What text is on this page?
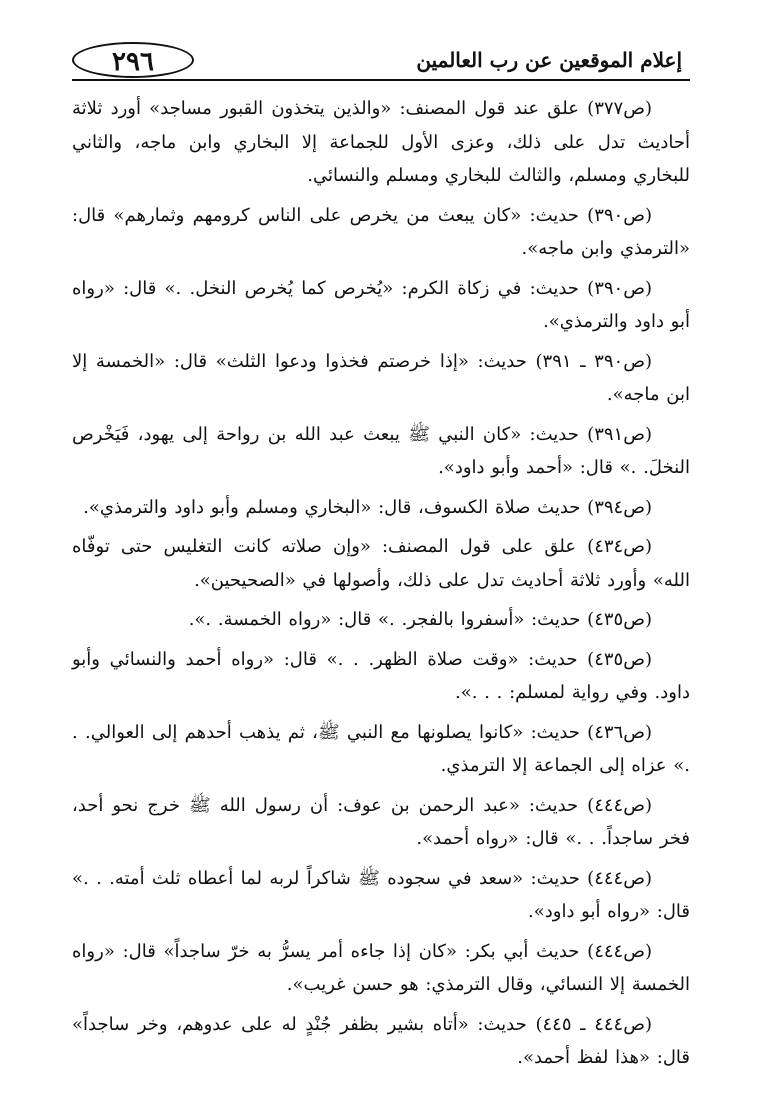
إعلام الموقعين عن رب العالمين
٢٩٦

(ص٣٧٧) علق عند قول المصنف: «والذين يتخذون القبور مساجد» أورد ثلاثة أحاديث تدل على ذلك، وعزى الأول للجماعة إلا البخاري وابن ماجه، والثاني للبخاري ومسلم، والثالث للبخاري ومسلم والنسائي.

(ص٣٩٠) حديث: «كان يبعث من يخرص على الناس كرومهم وثمارهم» قال: «الترمذي وابن ماجه».

(ص٣٩٠) حديث: في زكاة الكرم: «يُخرص كما يُخرص النخل. .» قال: «رواه أبو داود والترمذي».

(ص٣٩٠ ـ ٣٩١) حديث: «إذا خرصتم فخذوا ودعوا الثلث» قال: «الخمسة إلا ابن ماجه».

(ص٣٩١) حديث: «كان النبي ﷺ يبعث عبد الله بن رواحة إلى يهود، فَيَخْرص النخلَ. .» قال: «أحمد وأبو داود».

(ص٣٩٤) حديث صلاة الكسوف، قال: «البخاري ومسلم وأبو داود والترمذي».

(ص٤٣٤) علق على قول المصنف: «وإن صلاته كانت التغليس حتى توفّاه الله» وأورد ثلاثة أحاديث تدل على ذلك، وأصولها في «الصحيحين».

(ص٤٣٥) حديث: «أسفروا بالفجر. .» قال: «رواه الخمسة. .».

(ص٤٣٥) حديث: «وقت صلاة الظهر. . .» قال: «رواه أحمد والنسائي وأبو داود. وفي رواية لمسلم: . . .».

(ص٤٣٦) حديث: «كانوا يصلونها مع النبي ﷺ، ثم يذهب أحدهم إلى العوالي. . .» عزاه إلى الجماعة إلا الترمذي.

(ص٤٤٤) حديث: «عبد الرحمن بن عوف: أن رسول الله ﷺ خرج نحو أحد، فخر ساجداً. . .» قال: «رواه أحمد».

(ص٤٤٤) حديث: «سعد في سجوده ﷺ شاكراً لربه لما أعطاه ثلث أمته. . .» قال: «رواه أبو داود».

(ص٤٤٤) حديث أبي بكر: «كان إذا جاءه أمر يسرُّ به خرّ ساجداً» قال: «رواه الخمسة إلا النسائي، وقال الترمذي: هو حسن غريب».

(ص٤٤٤ ـ ٤٤٥) حديث: «أتاه بشير بظفر جُنْدٍ له على عدوهم، وخر ساجداً» قال: «هذا لفظ أحمد».
